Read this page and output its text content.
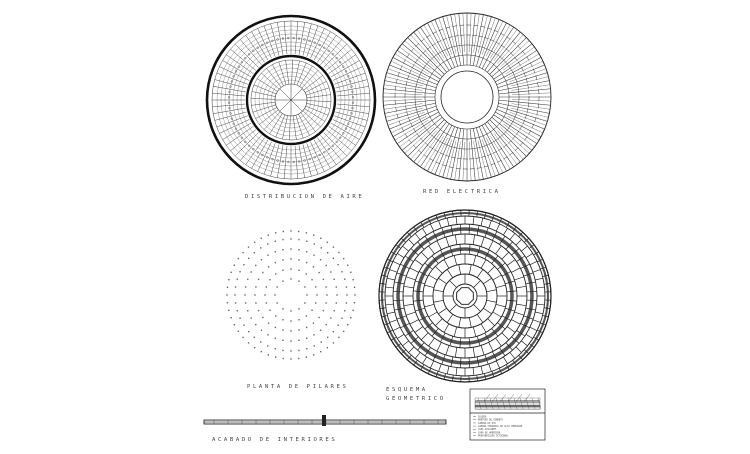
SOLERA
MORTERO DE CEMENTO
LAMINA DE PVC
LAMINA CERAMICA DE ALTA DENSIDAD
CAPA AISLANTE
CAPA DE HORMIGON
PREFABRICADO OCTOGONAL
DISTRIBUCION DE AIRE
RED ELECTRICA
PLANTA DE PILARES	ESQUEMA
GEOMETRICO
ACABADO DE INTERIORES
